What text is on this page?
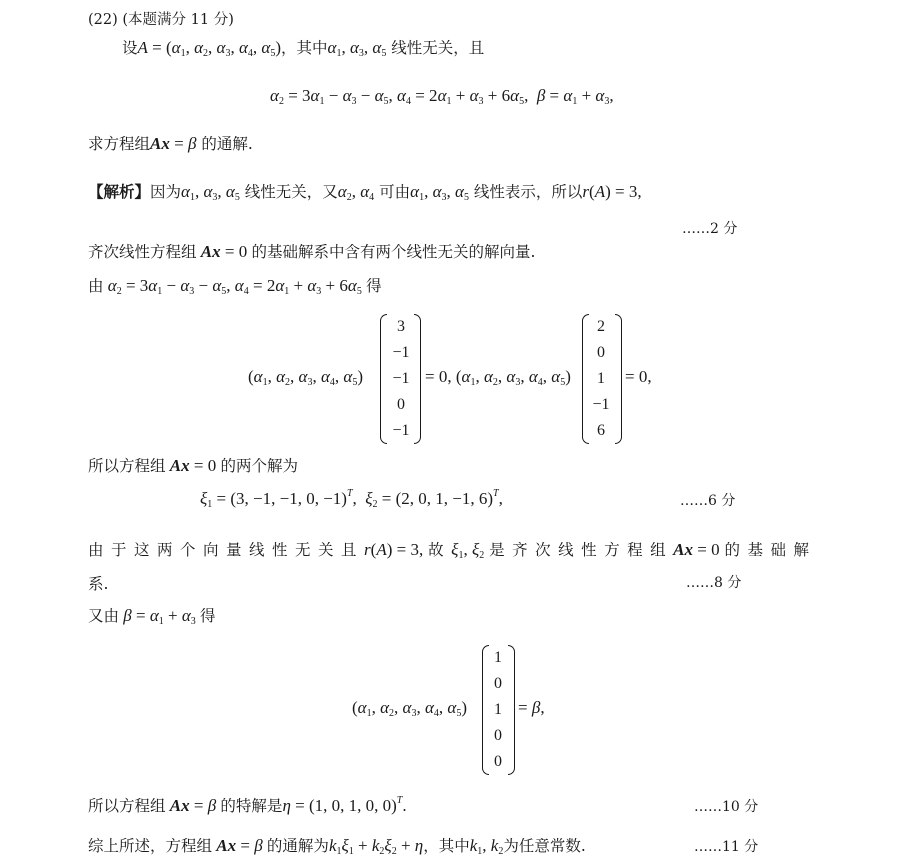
(22) (本题满分 11 分)
设$A = (\alpha_1$, $\alpha_2$, $\alpha_3$, $\alpha_4$, $\alpha_5$)，其中$\alpha_1$, $\alpha_3$, $\alpha_5$ 线性无关，且
$\alpha_2 = 3\alpha_1 - \alpha_3 - \alpha_5$, $\alpha_4 = 2\alpha_1 + \alpha_3 + 6\alpha_5$,  $\beta = \alpha_1 + \alpha_3$,
求方程组Ax = β 的通解.
【解析】因为$\alpha_1$, $\alpha_3$, $\alpha_5$ 线性无关，又$\alpha_2$, $\alpha_4$ 可由$\alpha_1$, $\alpha_3$, $\alpha_5$ 线性表示，所以r(A) = 3,
……2 分
齐次线性方程组 Ax = 0 的基础解系中含有两个线性无关的解向量.
由 $\alpha_2 = 3\alpha_1 - \alpha_3 - \alpha_5$, $\alpha_4 = 2\alpha_1 + \alpha_3 + 6\alpha_5$ 得
($\alpha_1$, $\alpha_2$, $\alpha_3$, $\alpha_4$, $\alpha_5$)
3
−1
−1
0
−1
= 0, ($\alpha_1$, $\alpha_2$, $\alpha_3$, $\alpha_4$, $\alpha_5$)
2
0
1
−1
6
= 0,
所以方程组 Ax = 0 的两个解为
$\xi_1 = (3$, −1, −1, 0, −1)$^T$,  $\xi_2 = (2$, 0, 1, −1, 6)$^T$,	……6 分
由于这两个向量线性无关且r(A) = 3, 故$\xi_1$, $\xi_2$ 是齐次线性方程组Ax = 0 的基础解
系.	……8 分
又由 $\beta = \alpha_1 + \alpha_3$ 得
($\alpha_1$, $\alpha_2$, $\alpha_3$, $\alpha_4$, $\alpha_5$)
1
0
1
0
0
= β,
所以方程组 Ax = β 的特解是η = (1, 0, 1, 0, 0)$^T$.	……10 分
综上所述，方程组 Ax = β 的通解为$k_1\xi_1 + k_2\xi_2 + \eta$，其中$k_1$, $k_2$为任意常数.	……11 分
